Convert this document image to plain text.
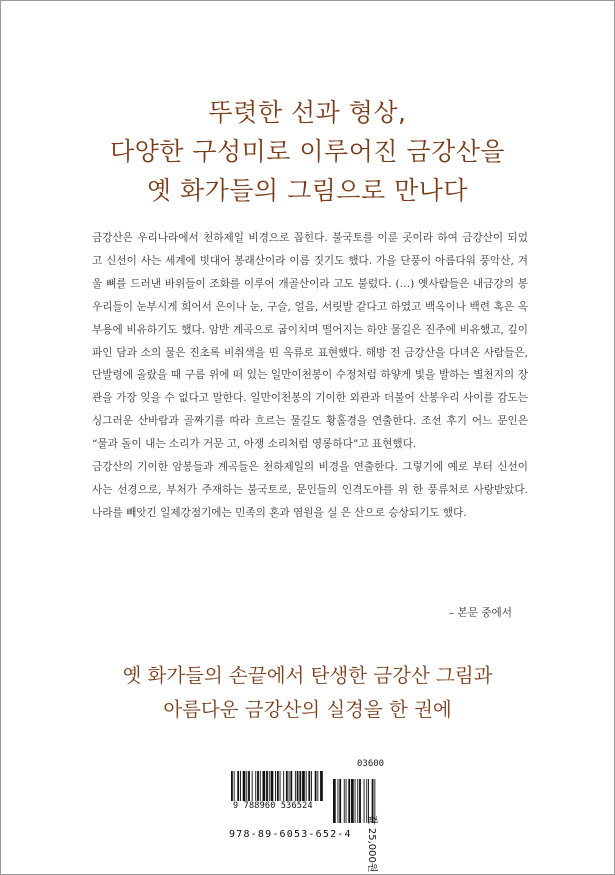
뚜렷한 선과 형상,
다양한 구성미로 이루어진 금강산을
옛 화가들의 그림으로 만나다

금강산은 우리나라에서 천하제일 비경으로 꼽힌다. 불국토를 이룬 곳이라 하여 금강산이 되었고 신선이 사는 세계에 빗대어 봉래산이라 이름 짓기도 했다. 가을 단풍이 아름다워 풍악산, 겨울 뼈를 드러낸 바위들이 조화를 이루어 개골산이라 고도 불렀다. (…) 옛사람들은 내금강의 봉우리들이 눈부시게 희어서 은이나 눈, 구슬, 얼음, 서릿발 같다고 하였고 백옥이나 백련 혹은 옥부용에 비유하기도 했다. 암반 계곡으로 굽이치며 떨어지는 하얀 물길은 진주에 비유했고, 깊이 파인 담과 소의 물은 진초록 비취색을 띤 옥류로 표현했다. 해방 전 금강산을 다녀온 사람들은, 단발령에 올랐을 때 구름 위에 떠 있는 일만이천봉이 수정처럼 하얗게 빛을 발하는 별천지의 장관을 가장 잊을 수 없다고 말한다. 일만이천봉의 기이한 외관과 더불어 산봉우리 사이를 감도는 싱그러운 산바람과 골짜기를 따라 흐르는 물길도 황홀경을 연출한다. 조선 후기 어느 문인은 “물과 돌이 내는 소리가 거문 고, 아쟁 소리처럼 영롱하다”고 표현했다.

금강산의 기이한 암봉들과 계곡들은 천하제일의 비경을 연출한다. 그렇기에 예로 부터 신선이 사는 선경으로, 부처가 주재하는 불국토로, 문인들의 인격도야를 위 한 풍류처로 사랑받았다. 나라를 빼앗긴 일제강점기에는 민족의 혼과 염원을 실 은 산으로 승상되기도 했다.

– 본문 중에서
옛 화가들의 손끝에서 탄생한 금강산 그림과
아름다운 금강산의 실경을 한 권에
03600
9 788960 536524
978-89-6053-652-4	값 25,000원
